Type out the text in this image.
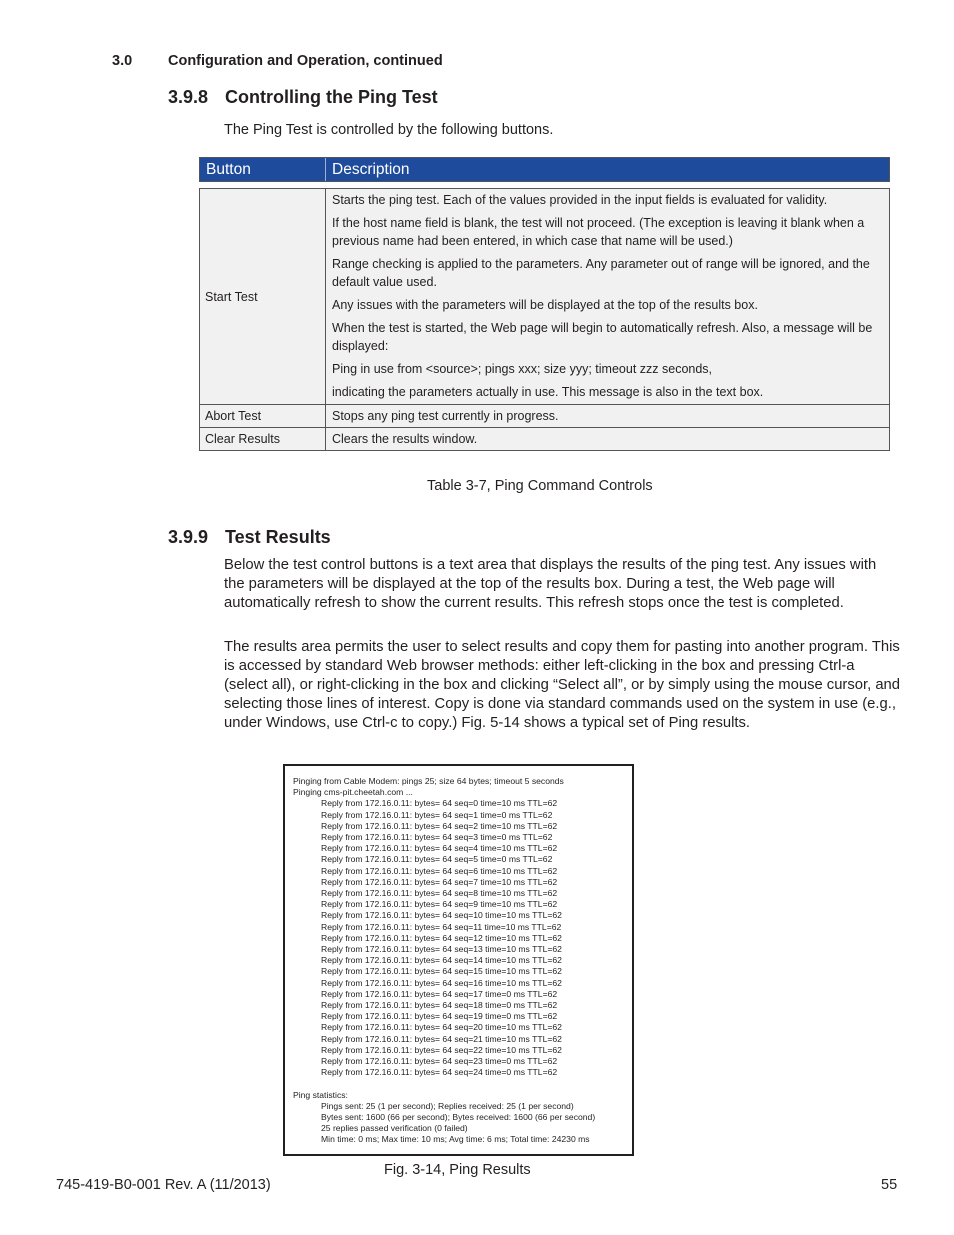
3.0 Configuration and Operation, continued
3.9.8 Controlling the Ping Test
The Ping Test is controlled by the following buttons.
Button	Description
Start Test

Starts the ping test. Each of the values provided in the input fields is evaluated for validity.

If the host name field is blank, the test will not proceed. (The exception is leaving it blank when a previous name had been entered, in which case that name will be used.)

Range checking is applied to the parameters. Any parameter out of range will be ignored, and the default value used.

Any issues with the parameters will be displayed at the top of the results box.

When the test is started, the Web page will begin to automatically refresh. Also, a message will be displayed:

Ping in use from <source>; pings xxx; size yyy; timeout zzz seconds,

indicating the parameters actually in use. This message is also in the text box.

Abort Test	Stops any ping test currently in progress.
Clear Results	Clears the results window.
Table 3-7, Ping Command Controls
3.9.9 Test Results
Below the test control buttons is a text area that displays the results of the ping test. Any issues with the parameters will be displayed at the top of the results box. During a test, the Web page will automatically refresh to show the current results. This refresh stops once the test is completed.
The results area permits the user to select results and copy them for pasting into another program. This is accessed by standard Web browser methods: either left-clicking in the box and pressing Ctrl-a (select all), or right-clicking in the box and clicking “Select all”, or by simply using the mouse cursor, and selecting those lines of interest. Copy is done via standard commands used on the system in use (e.g., under Windows, use Ctrl-c to copy.) Fig. 5-14 shows a typical set of Ping results.
Pinging from Cable Modem: pings 25; size 64 bytes; timeout 5 seconds
Pinging cms-pit.cheetah.com ...
Reply from 172.16.0.11: bytes= 64 seq=0 time=10 ms TTL=62
Reply from 172.16.0.11: bytes= 64 seq=1 time=0 ms TTL=62
Reply from 172.16.0.11: bytes= 64 seq=2 time=10 ms TTL=62
Reply from 172.16.0.11: bytes= 64 seq=3 time=0 ms TTL=62
Reply from 172.16.0.11: bytes= 64 seq=4 time=10 ms TTL=62
Reply from 172.16.0.11: bytes= 64 seq=5 time=0 ms TTL=62
Reply from 172.16.0.11: bytes= 64 seq=6 time=10 ms TTL=62
Reply from 172.16.0.11: bytes= 64 seq=7 time=10 ms TTL=62
Reply from 172.16.0.11: bytes= 64 seq=8 time=10 ms TTL=62
Reply from 172.16.0.11: bytes= 64 seq=9 time=10 ms TTL=62
Reply from 172.16.0.11: bytes= 64 seq=10 time=10 ms TTL=62
Reply from 172.16.0.11: bytes= 64 seq=11 time=10 ms TTL=62
Reply from 172.16.0.11: bytes= 64 seq=12 time=10 ms TTL=62
Reply from 172.16.0.11: bytes= 64 seq=13 time=10 ms TTL=62
Reply from 172.16.0.11: bytes= 64 seq=14 time=10 ms TTL=62
Reply from 172.16.0.11: bytes= 64 seq=15 time=10 ms TTL=62
Reply from 172.16.0.11: bytes= 64 seq=16 time=10 ms TTL=62
Reply from 172.16.0.11: bytes= 64 seq=17 time=0 ms TTL=62
Reply from 172.16.0.11: bytes= 64 seq=18 time=0 ms TTL=62
Reply from 172.16.0.11: bytes= 64 seq=19 time=0 ms TTL=62
Reply from 172.16.0.11: bytes= 64 seq=20 time=10 ms TTL=62
Reply from 172.16.0.11: bytes= 64 seq=21 time=10 ms TTL=62
Reply from 172.16.0.11: bytes= 64 seq=22 time=10 ms TTL=62
Reply from 172.16.0.11: bytes= 64 seq=23 time=0 ms TTL=62
Reply from 172.16.0.11: bytes= 64 seq=24 time=0 ms TTL=62
Ping statistics:
Pings sent: 25 (1 per second); Replies received: 25 (1 per second)
Bytes sent: 1600 (66 per second); Bytes received: 1600 (66 per second)
25 replies passed verification (0 failed)
Min time: 0 ms; Max time: 10 ms; Avg time: 6 ms; Total time: 24230 ms
Fig. 3-14, Ping Results
745-419-B0-001 Rev. A (11/2013)	55
